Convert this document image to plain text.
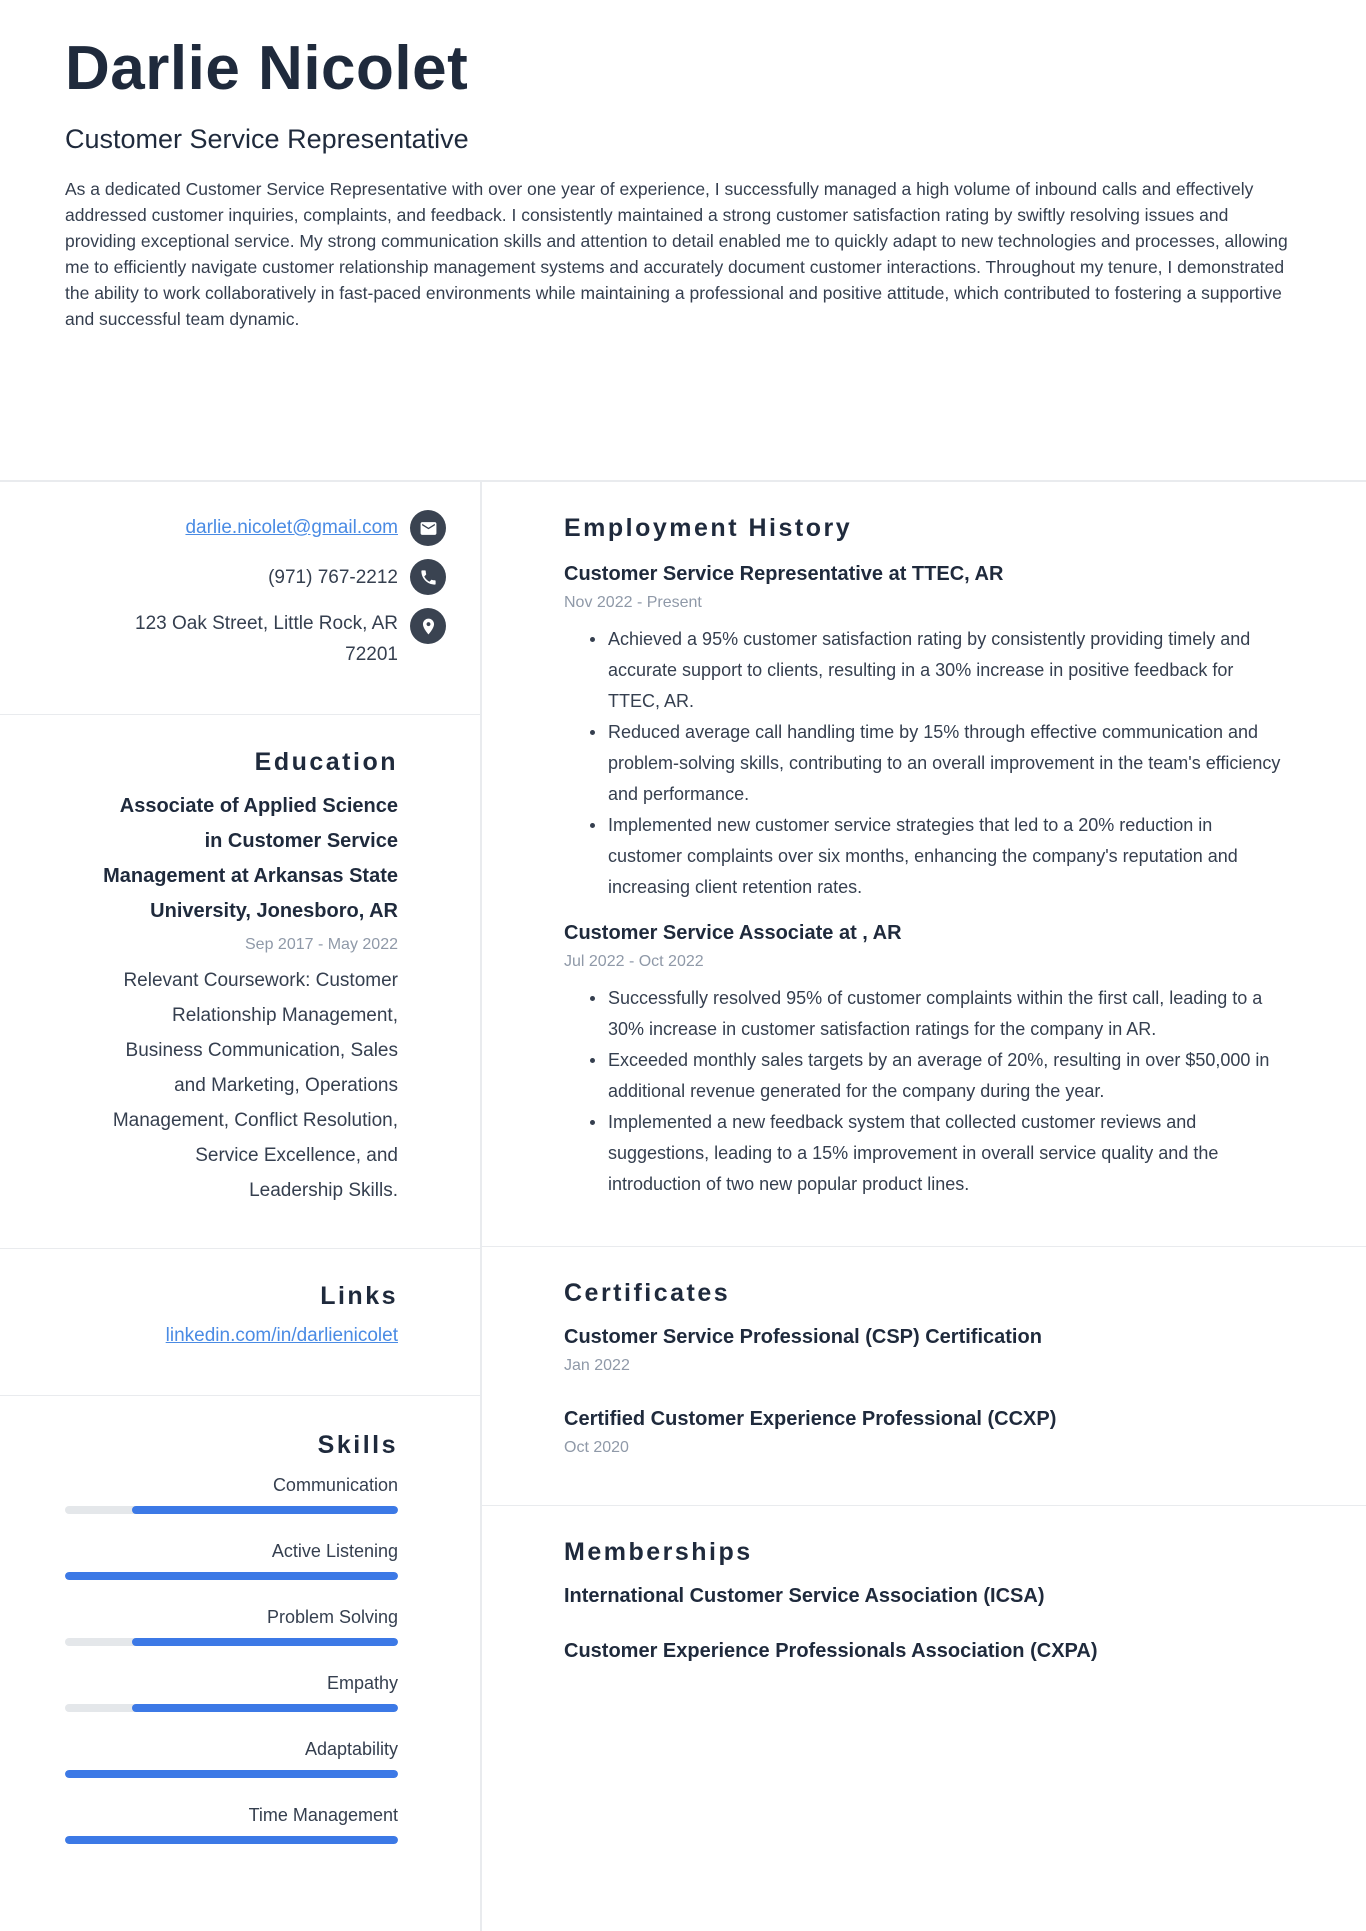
Darlie Nicolet
Customer Service Representative

As a dedicated Customer Service Representative with over one year of experience, I successfully managed a high volume of inbound calls and effectively addressed customer inquiries, complaints, and feedback. I consistently maintained a strong customer satisfaction rating by swiftly resolving issues and providing exceptional service. My strong communication skills and attention to detail enabled me to quickly adapt to new technologies and processes, allowing me to efficiently navigate customer relationship management systems and accurately document customer interactions. Throughout my tenure, I demonstrated the ability to work collaboratively in fast-paced environments while maintaining a professional and positive attitude, which contributed to fostering a supportive and successful team dynamic.

darlie.nicolet@gmail.com
(971) 767-2212
123 Oak Street, Little Rock, AR 72201
Education
Associate of Applied Science in Customer Service Management at Arkansas State University, Jonesboro, AR
Sep 2017 - May 2022
Relevant Coursework: Customer Relationship Management, Business Communication, Sales and Marketing, Operations Management, Conflict Resolution, Service Excellence, and Leadership Skills.
Links
linkedin.com/in/darlienicolet
Skills
Communication
Active Listening
Problem Solving
Empathy
Adaptability
Time Management
Employment History
Customer Service Representative at TTEC, AR
Nov 2022 - Present
Achieved a 95% customer satisfaction rating by consistently providing timely and accurate support to clients, resulting in a 30% increase in positive feedback for TTEC, AR.
Reduced average call handling time by 15% through effective communication and problem-solving skills, contributing to an overall improvement in the team's efficiency and performance.
Implemented new customer service strategies that led to a 20% reduction in customer complaints over six months, enhancing the company's reputation and increasing client retention rates.
Customer Service Associate at , AR
Jul 2022 - Oct 2022
Successfully resolved 95% of customer complaints within the first call, leading to a 30% increase in customer satisfaction ratings for the company in AR.
Exceeded monthly sales targets by an average of 20%, resulting in over $50,000 in additional revenue generated for the company during the year.
Implemented a new feedback system that collected customer reviews and suggestions, leading to a 15% improvement in overall service quality and the introduction of two new popular product lines.
Certificates
Customer Service Professional (CSP) Certification
Jan 2022
Certified Customer Experience Professional (CCXP)
Oct 2020
Memberships
International Customer Service Association (ICSA)
Customer Experience Professionals Association (CXPA)
